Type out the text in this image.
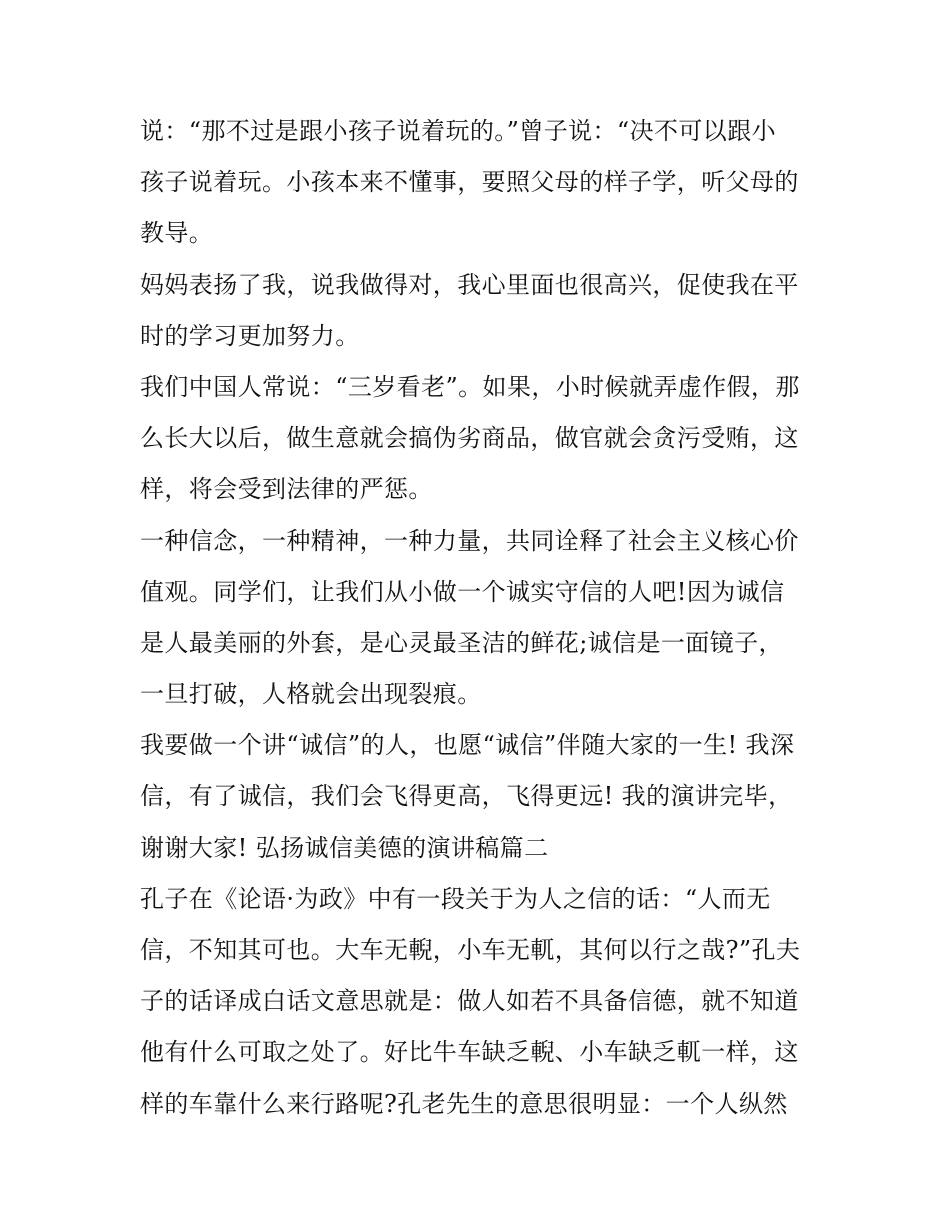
说：“那不过是跟小孩子说着玩的。”曾子说：“决不可以跟小
孩子说着玩。小孩本来不懂事，要照父母的样子学，听父母的
教导。
妈妈表扬了我，说我做得对，我心里面也很高兴，促使我在平
时的学习更加努力。
我们中国人常说：“三岁看老”。如果，小时候就弄虚作假，那
么长大以后，做生意就会搞伪劣商品，做官就会贪污受贿，这
样，将会受到法律的严惩。
一种信念，一种精神，一种力量，共同诠释了社会主义核心价
值观。同学们，让我们从小做一个诚实守信的人吧!因为诚信
是人最美丽的外套，是心灵最圣洁的鲜花;诚信是一面镜子，
一旦打破，人格就会出现裂痕。
我要做一个讲“诚信”的人，也愿“诚信”伴随大家的一生! 我深
信，有了诚信，我们会飞得更高，飞得更远! 我的演讲完毕，
谢谢大家! 弘扬诚信美德的演讲稿篇二
孔子在《论语·为政》中有一段关于为人之信的话：“人而无
信，不知其可也。大车无輗，小车无軏，其何以行之哉?”孔夫
子的话译成白话文意思就是：做人如若不具备信德，就不知道
他有什么可取之处了。好比牛车缺乏輗、小车缺乏軏一样，这
样的车靠什么来行路呢?孔老先生的意思很明显：一个人纵然
